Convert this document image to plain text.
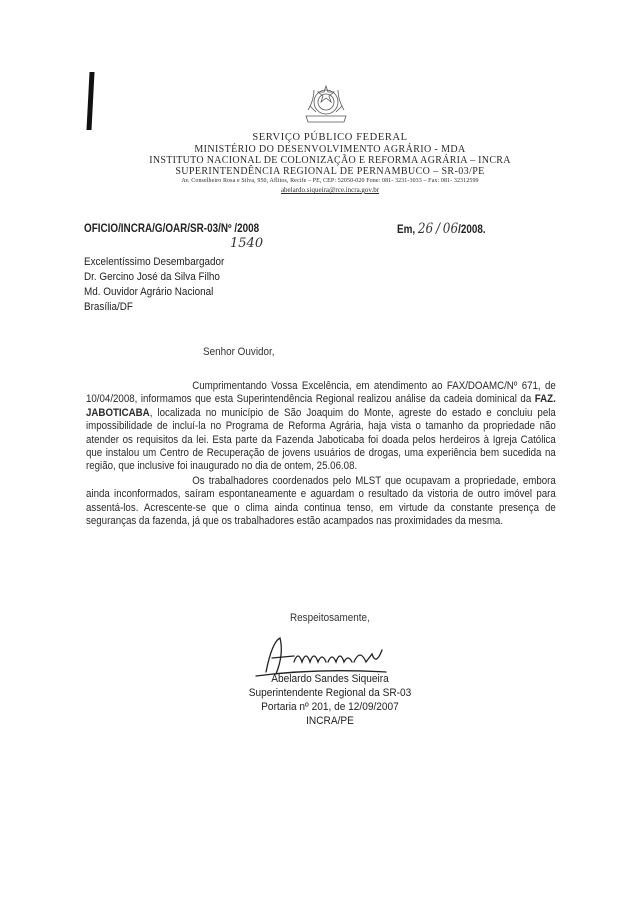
SERVIÇO PÚBLICO FEDERAL
MINISTÉRIO DO DESENVOLVIMENTO AGRÁRIO - MDA
INSTITUTO NACIONAL DE COLONIZAÇÃO E REFORMA AGRÁRIA – INCRA
SUPERINTENDÊNCIA REGIONAL DE PERNAMBUCO – SR-03/PE
Av. Conselheiro Rosa e Silva, 950, Aflitos, Recife – PE, CEP: 52050-020 Fone: 081- 3231-3033 – Fax: 081- 32312599
abelardo.siqueira@rce.incra.gov.br
OFICIO/INCRA/G/OAR/SR-03/Nº /2008	Em, 26 / 06/2008.
1540
Excelentíssimo Desembargador
Dr. Gercino José da Silva Filho
Md. Ouvidor Agrário Nacional
Brasília/DF
Senhor Ouvidor,

Cumprimentando Vossa Excelência, em atendimento ao FAX/DOAMC/Nº 671, de 10/04/2008, informamos que esta Superintendência Regional realizou análise da cadeia dominical da FAZ. JABOTICABA, localizada no município de São Joaquim do Monte, agreste do estado e concluiu pela impossibilidade de incluí-la no Programa de Reforma Agrária, haja vista o tamanho da propriedade não atender os requisitos da lei. Esta parte da Fazenda Jaboticaba foi doada pelos herdeiros à Igreja Católica que instalou um Centro de Recuperação de jovens usuários de drogas, uma experiência bem sucedida na região, que inclusive foi inaugurado no dia de ontem, 25.06.08.

Os trabalhadores coordenados pelo MLST que ocupavam a propriedade, embora ainda inconformados, saíram espontaneamente e aguardam o resultado da vistoria de outro imóvel para assentá-los. Acrescente-se que o clima ainda continua tenso, em virtude da constante presença de seguranças da fazenda, já que os trabalhadores estão acampados nas proximidades da mesma.

Respeitosamente,
Abelardo Sandes Siqueira
Superintendente Regional da SR-03
Portaria nº 201, de 12/09/2007
INCRA/PE
